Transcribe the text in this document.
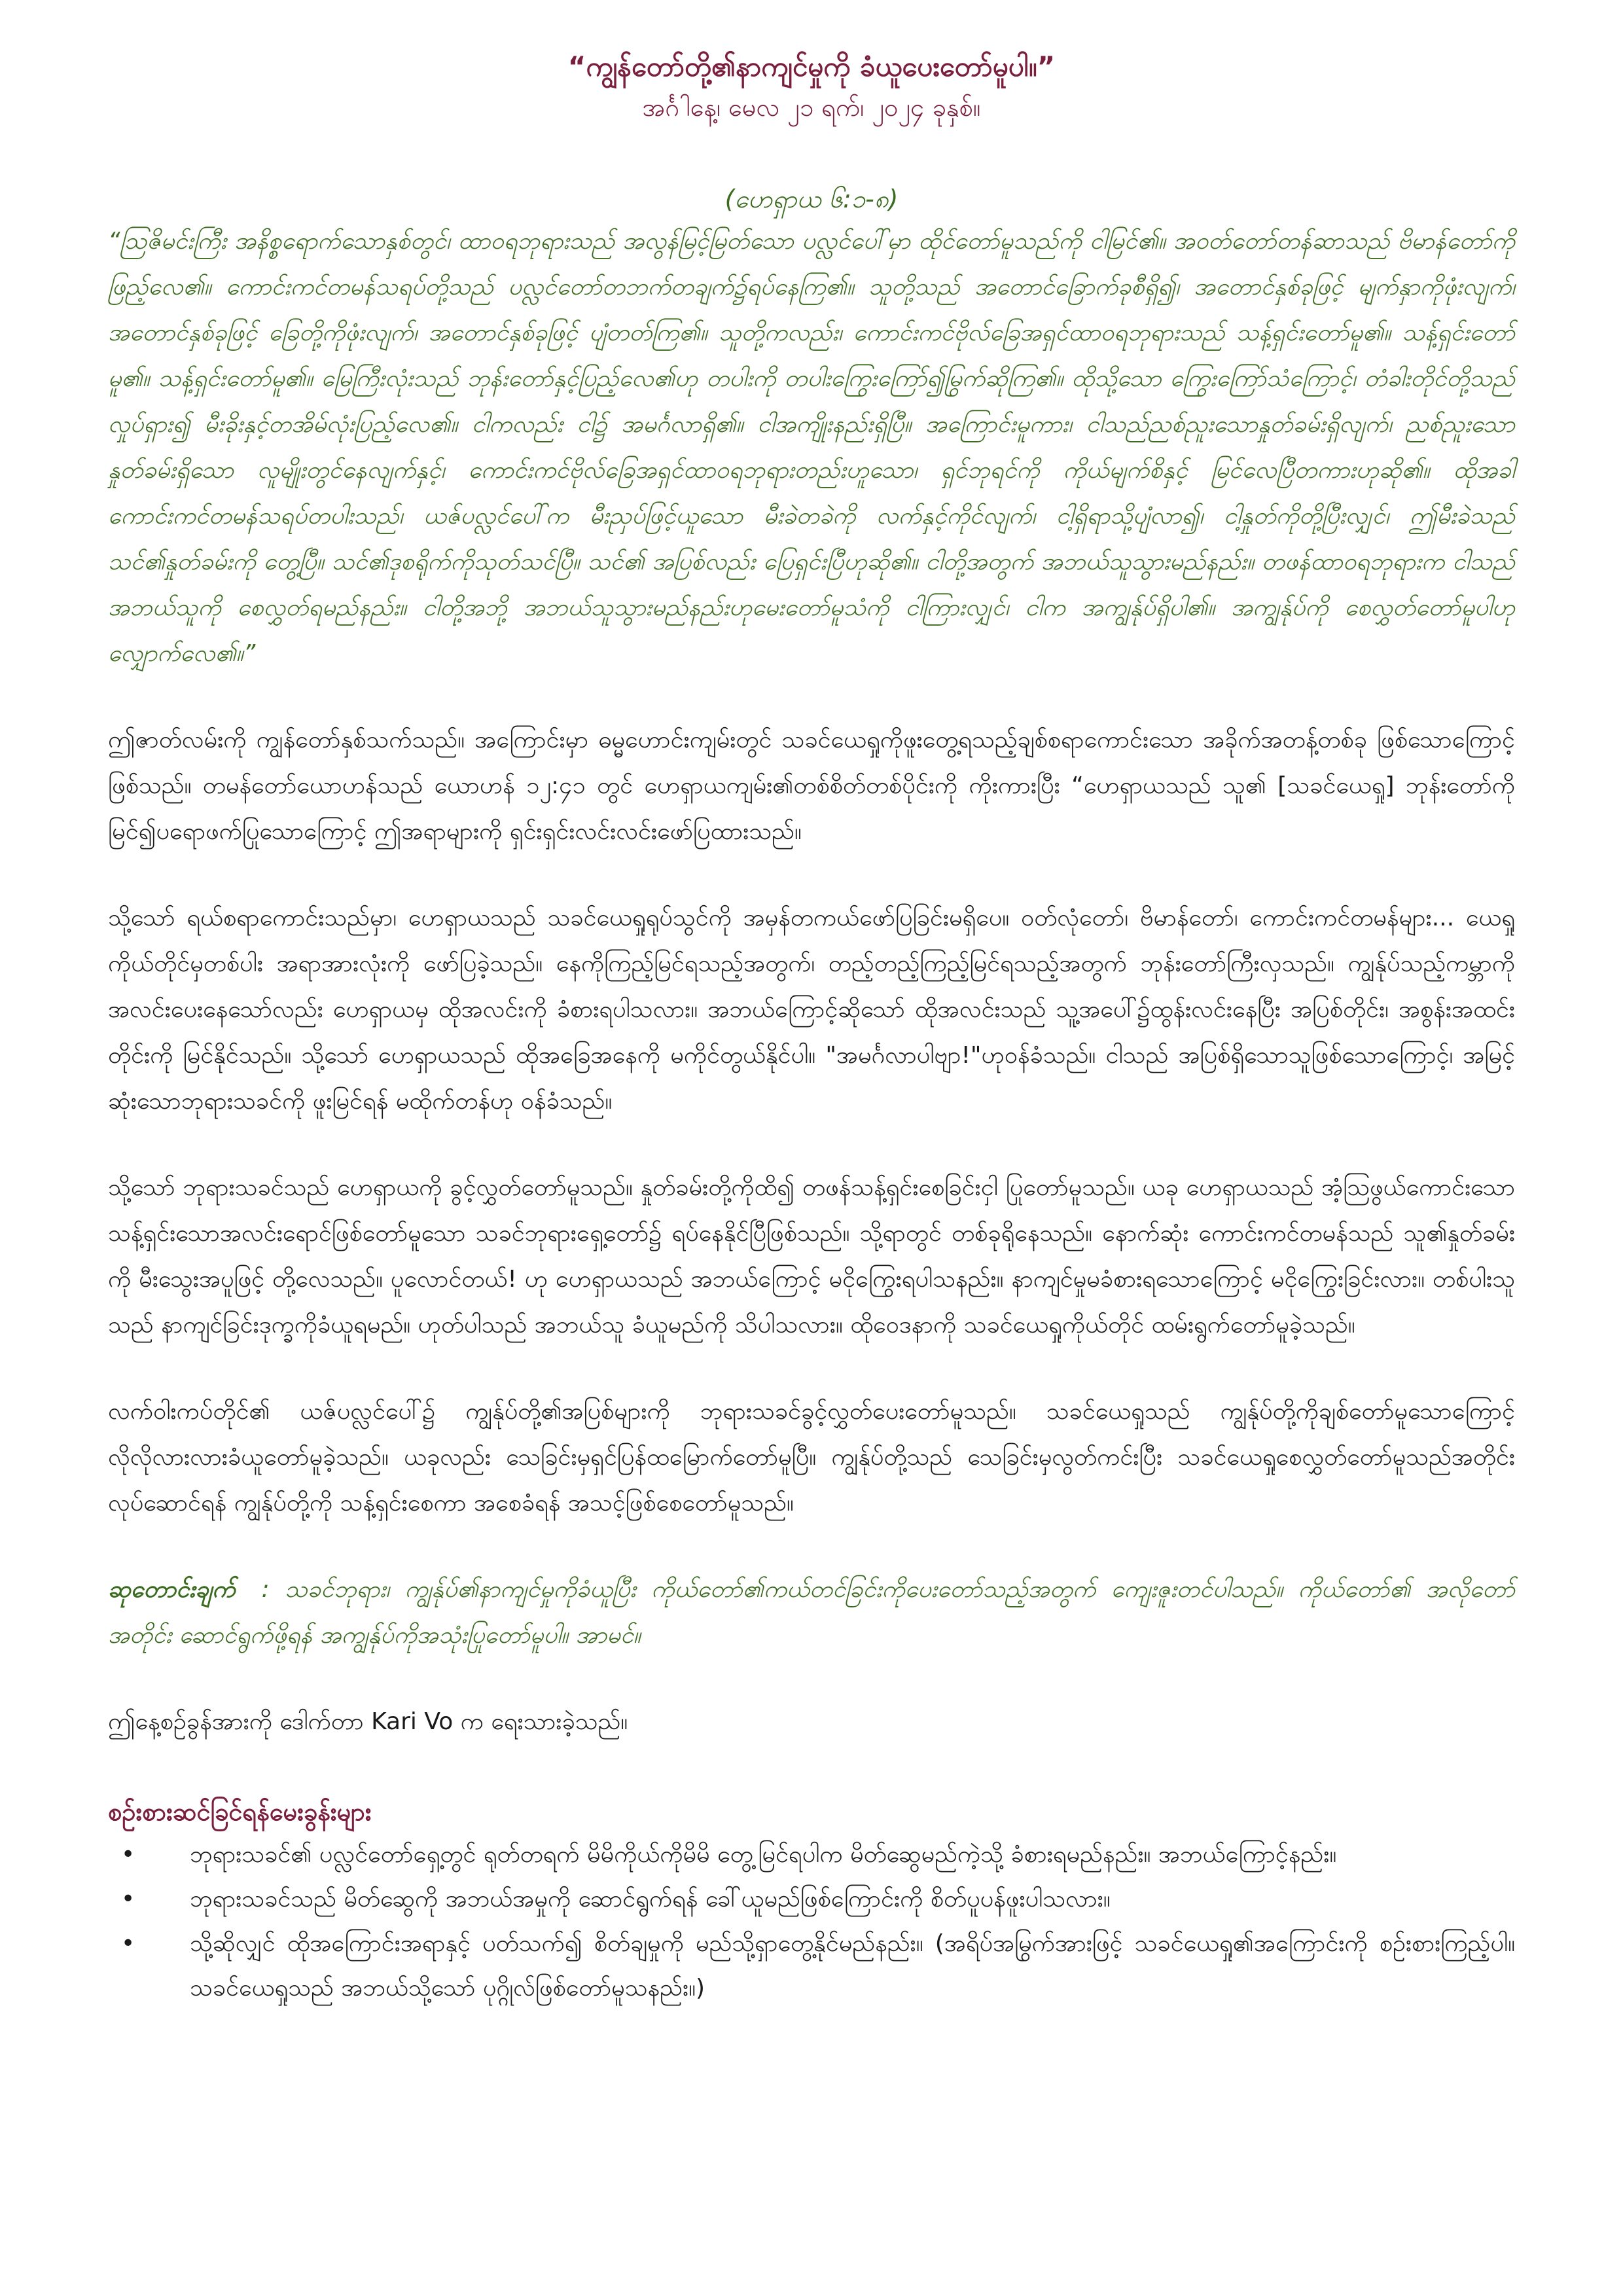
“ကျွန်တော်တို့၏နာကျင်မှုကို ခံယူပေးတော်မူပါ။”

အင်္ဂါနေ့၊ မေလ ၂၁ ရက်၊ ၂၀၂၄ ခုနှစ်။

(ဟေရှာယ ၆:၁-၈)

“ဩဇိမင်းကြီး အနိစ္စရောက်သောနှစ်တွင်၊ ထာဝရဘုရားသည် အလွန်မြင့်မြတ်သော ပလ္လင်ပေါ်မှာ ထိုင်တော်မူသည်ကို ငါမြင်၏။ အဝတ်တော်တန်ဆာသည် ဗိမာန်တော်ကိုဖြည့်လေ၏။ ကောင်းကင်တမန်သရပ်တို့သည် ပလ္လင်တော်တဘက်တချက်၌ရပ်နေကြ၏။ သူတို့သည် အတောင်ခြောက်ခုစီရှိ၍၊ အတောင်နှစ်ခုဖြင့် မျက်နှာကိုဖုံးလျက်၊ အတောင်နှစ်ခုဖြင့် ခြေတို့ကိုဖုံးလျက်၊ အတောင်နှစ်ခုဖြင့် ပျံတတ်ကြ၏။ သူတို့ကလည်း၊ ကောင်းကင်ဗိုလ်ခြေအရှင်ထာဝရဘုရားသည် သန့်ရှင်းတော်မူ၏။ သန့်ရှင်းတော်မူ၏။ သန့်ရှင်းတော်မူ၏။ မြေကြီးလုံးသည် ဘုန်းတော်နှင့်ပြည့်လေ၏ဟု တပါးကို တပါးကြွေးကြော်၍မြွက်ဆိုကြ၏။ ထိုသို့သော ကြွေးကြော်သံကြောင့်၊ တံခါးတိုင်တို့သည်လှုပ်ရှား၍ မီးခိုးနှင့်တအိမ်လုံးပြည့်လေ၏။ ငါကလည်း ငါ၌ အမင်္ဂလာရှိ၏။ ငါအကျိုးနည်းရှိပြီ။ အကြောင်းမူကား၊ ငါသည်ညစ်ညူးသောနှုတ်ခမ်းရှိလျက်၊ ညစ်ညူးသောနှုတ်ခမ်းရှိသော လူမျိုးတွင်နေလျက်နှင့်၊ ကောင်းကင်ဗိုလ်ခြေအရှင်ထာဝရဘုရားတည်းဟူသော၊ ရှင်ဘုရင်ကို ကိုယ်မျက်စိနှင့် မြင်လေပြီတကားဟုဆို၏။ ထိုအခါကောင်းကင်တမန်သရပ်တပါးသည်၊ ယဇ်ပလ္လင်ပေါ်က မီးညှပ်ဖြင့်ယူသော မီးခဲတခဲကို လက်နှင့်ကိုင်လျက်၊ ငါ့ရှိရာသို့ပျံလာ၍၊ ငါ့နှုတ်ကိုတို့ပြီးလျှင်၊ ဤမီးခဲသည် သင်၏နှုတ်ခမ်းကို တွေ့ပြီ။ သင်၏ဒုစရိုက်ကိုသုတ်သင်ပြီ။ သင်၏ အပြစ်လည်း ပြေရှင်းပြီဟုဆို၏။ ငါတို့အတွက် အဘယ်သူသွားမည်နည်း။ တဖန်ထာဝရဘုရားက ငါသည် အဘယ်သူကို စေလွှတ်ရမည်နည်း။ ငါတို့အဘို့ အဘယ်သူသွားမည်နည်းဟုမေးတော်မူသံကို ငါကြားလျှင်၊ ငါက အကျွန်ုပ်ရှိပါ၏။ အကျွန်ုပ်ကို စေလွှတ်တော်မူပါဟုလျှောက်လေ၏။”

ဤဇာတ်လမ်းကို ကျွန်တော်နှစ်သက်သည်။ အကြောင်းမှာ ဓမ္မဟောင်းကျမ်းတွင် သခင်ယေရှုကိုဖူးတွေ့ရသည့်ချစ်စရာကောင်းသော အခိုက်အတန့်တစ်ခု ဖြစ်သောကြောင့်ဖြစ်သည်။ တမန်တော်ယောဟန်သည် ယောဟန် ၁၂:၄၁ တွင် ဟေရှာယကျမ်း၏တစ်စိတ်တစ်ပိုင်းကို ကိုးကားပြီး “ဟေရှာယသည် သူ၏ [သခင်ယေရှု] ဘုန်းတော်ကိုမြင်၍ပရောဖက်ပြုသောကြောင့် ဤအရာများကို ရှင်းရှင်းလင်းလင်းဖော်ပြထားသည်။

သို့သော် ရယ်စရာကောင်းသည်မှာ၊ ဟေရှာယသည် သခင်ယေရှုရုပ်သွင်ကို အမှန်တကယ်ဖော်ပြခြင်းမရှိပေ။ ဝတ်လုံတော်၊ ဗိမာန်တော်၊ ကောင်းကင်တမန်များ... ယေရှုကိုယ်တိုင်မှတစ်ပါး အရာအားလုံးကို ဖော်ပြခဲ့သည်။ နေကိုကြည့်မြင်ရသည့်အတွက်၊ တည့်တည့်ကြည့်မြင်ရသည့်အတွက် ဘုန်းတော်ကြီးလှသည်။ ကျွန်ုပ်သည့်ကမ္ဘာကို အလင်းပေးနေသော်လည်း ဟေရှာယမှ ထိုအလင်းကို ခံစားရပါသလား။ အဘယ်ကြောင့်ဆိုသော် ထိုအလင်းသည် သူ့အပေါ်၌ထွန်းလင်းနေပြီး အပြစ်တိုင်း၊ အစွန်းအထင်းတိုင်းကို မြင်နိုင်သည်။ သို့သော် ဟေရှာယသည် ထိုအခြေအနေကို မကိုင်တွယ်နိုင်ပါ။ "အမင်္ဂလာပါဗျာ!"ဟုဝန်ခံသည်။ ငါသည် အပြစ်ရှိသောသူဖြစ်သောကြောင့်၊ အမြင့်ဆုံးသောဘုရားသခင်ကို ဖူးမြင်ရန် မထိုက်တန်ဟု ဝန်ခံသည်။

သို့သော် ဘုရားသခင်သည် ဟေရှာယကို ခွင့်လွှတ်တော်မူသည်။ နှုတ်ခမ်းတို့ကိုထိ၍ တဖန်သန့်ရှင်းစေခြင်းငှါ ပြုတော်မူသည်။ ယခု ဟေရှာယသည် အံ့ဩဖွယ်ကောင်းသော သန့်ရှင်းသောအလင်းရောင်ဖြစ်တော်မူသော သခင်ဘုရားရှေ့တော်၌ ရပ်နေနိုင်ပြီဖြစ်သည်။ သို့ရာတွင် တစ်ခုရိုနေသည်။ နောက်ဆုံး ကောင်းကင်တမန်သည် သူ၏နှုတ်ခမ်းကို မီးသွေးအပူဖြင့် တို့လေသည်။ ပူလောင်တယ်! ဟု ဟေရှာယသည် အဘယ်ကြောင့် မငိုကြွေးရပါသနည်း။ နာကျင်မှုမခံစားရသောကြောင့် မငိုကြွေးခြင်းလား။ တစ်ပါးသူသည် နာကျင်ခြင်းဒုက္ခကိုခံယူရမည်။ ဟုတ်ပါသည် အဘယ်သူ ခံယူမည်ကို သိပါသလား။ ထိုဝေဒနာကို သခင်ယေရှုကိုယ်တိုင် ထမ်းရွက်တော်မူခဲ့သည်။

လက်ဝါးကပ်တိုင်၏ ယဇ်ပလ္လင်ပေါ်၌ ကျွန်ုပ်တို့၏အပြစ်များကို ဘုရားသခင်ခွင့်လွှတ်ပေးတော်မူသည်။ သခင်ယေရှုသည် ကျွန်ုပ်တို့ကိုချစ်တော်မူသောကြောင့် လိုလိုလားလားခံယူတော်မူခဲ့သည်။ ယခုလည်း သေခြင်းမှရှင်ပြန်ထမြောက်တော်မူပြီ။ ကျွန်ုပ်တို့သည် သေခြင်းမှလွတ်ကင်းပြီး သခင်ယေရှုစေလွှတ်တော်မူသည်အတိုင်း လုပ်ဆောင်ရန် ကျွန်ုပ်တို့ကို သန့်ရှင်းစေကာ အစေခံရန် အသင့်ဖြစ်စေတော်မူသည်။

ဆုတောင်းချက် : သခင်ဘုရား၊ ကျွန်ုပ်၏နာကျင်မှုကိုခံယူပြီး ကိုယ်တော်၏ကယ်တင်ခြင်းကိုပေးတော်သည့်အတွက် ကျေးဇူးတင်ပါသည်။ ကိုယ်တော်၏ အလိုတော်အတိုင်း ဆောင်ရွက်ဖို့ရန် အကျွန်ုပ်ကိုအသုံးပြုတော်မူပါ။ အာမင်။

ဤနေ့စဉ်ခွန်အားကို ဒေါက်တာ Kari Vo က ရေးသားခဲ့သည်။

စဉ်းစားဆင်ခြင်ရန်မေးခွန်းများ
• ဘုရားသခင်၏ ပလ္လင်တော်ရှေ့တွင် ရုတ်တရက် မိမိကိုယ်ကိုမိမိ တွေ့မြင်ရပါက မိတ်ဆွေမည်ကဲ့သို့ ခံစားရမည်နည်း။ အဘယ်ကြောင့်နည်း။
• ဘုရားသခင်သည် မိတ်ဆွေကို အဘယ်အမှုကို ဆောင်ရွက်ရန် ခေါ်ယူမည်ဖြစ်ကြောင်းကို စိတ်ပူပန်ဖူးပါသလား။
• သို့ဆိုလျှင် ထိုအကြောင်းအရာနှင့် ပတ်သက်၍ စိတ်ချမှုကို မည်သို့ရှာတွေ့နိုင်မည်နည်း။ (အရိပ်အမြွက်အားဖြင့် သခင်ယေရှု၏အကြောင်းကို စဉ်းစားကြည့်ပါ။ သခင်ယေရှုသည် အဘယ်သို့သော် ပုဂ္ဂိုလ်ဖြစ်တော်မူသနည်း။)
